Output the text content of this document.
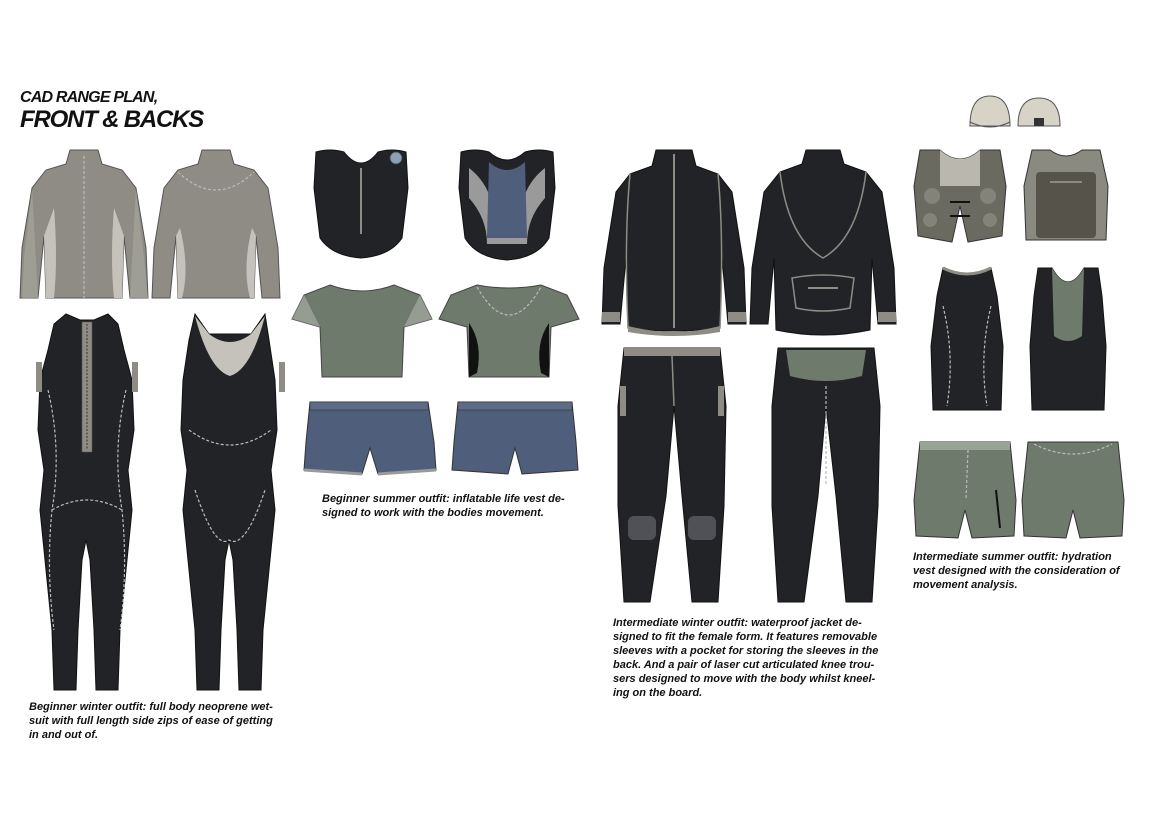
CAD RANGE PLAN,
FRONT & BACKS
Beginner winter outfit: full body neoprene wet-
suit with full length side zips of ease of getting
in and out of.
Beginner summer outfit: inflatable life vest de-
signed to work with the bodies movement.
Intermediate winter outfit: waterproof jacket de-
signed to fit the female form. It features removable
sleeves with a pocket for storing the sleeves in the
back. And a pair of laser cut articulated knee trou-
sers designed to move with the body whilst kneel-
ing on the board.
Intermediate summer outfit: hydration
vest designed with the consideration of
movement analysis.
